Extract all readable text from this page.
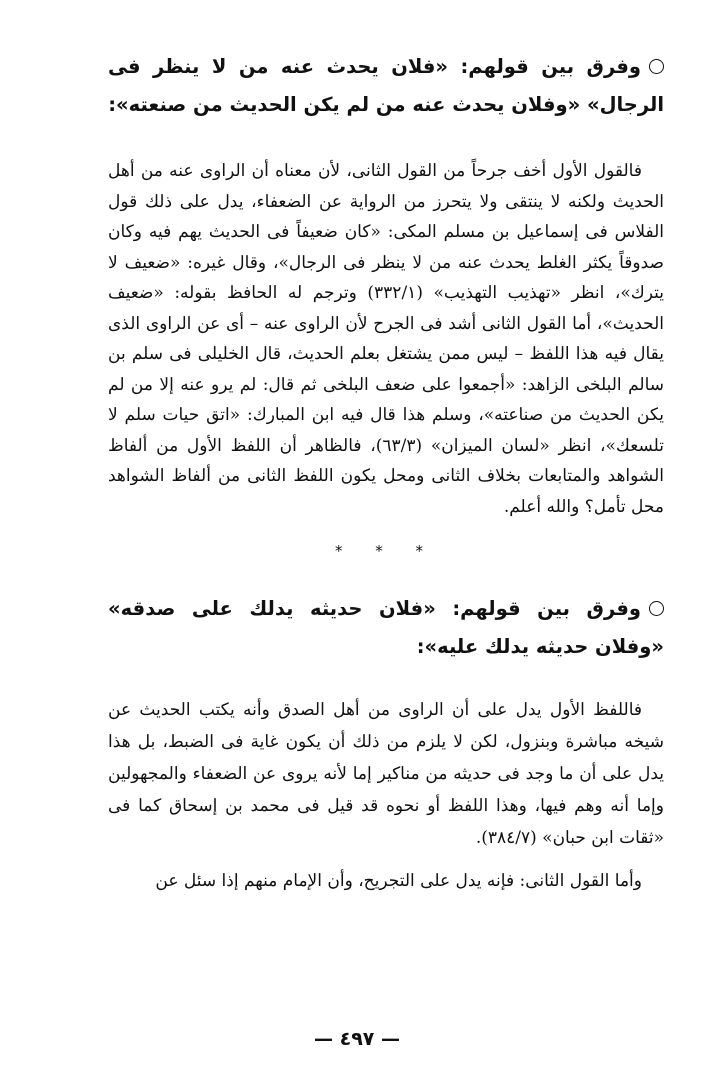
وفرق بين قولهم: «فلان يحدث عنه من لا ينظر فى الرجال» «وفلان يحدث عنه من لم يكن الحديث من صنعته»:

فالقول الأول أخف جرحاً من القول الثانى، لأن معناه أن الراوى عنه من أهل الحديث ولكنه لا ينتقى ولا يتحرز من الرواية عن الضعفاء، يدل على ذلك قول الفلاس فى إسماعيل بن مسلم المكى: «كان ضعيفاً فى الحديث يهم فيه وكان صدوقاً يكثر الغلط يحدث عنه من لا ينظر فى الرجال»، وقال غيره: «ضعيف لا يترك»، انظر «تهذيب التهذيب» (٣٣٢/١) وترجم له الحافظ بقوله: «ضعيف الحديث»، أما القول الثانى أشد فى الجرح لأن الراوى عنه – أى عن الراوى الذى يقال فيه هذا اللفظ – ليس ممن يشتغل بعلم الحديث، قال الخليلى فى سلم بن سالم البلخى الزاهد: «أجمعوا على ضعف البلخى ثم قال: لم يرو عنه إلا من لم يكن الحديث من صناعته»، وسلم هذا قال فيه ابن المبارك: «اتق حيات سلم لا تلسعك»، انظر «لسان الميزان» (٦٣/٣)، فالظاهر أن اللفظ الأول من ألفاظ الشواهد والمتابعات بخلاف الثانى ومحل يكون اللفظ الثانى من ألفاظ الشواهد محل تأمل؟ والله أعلم.

* * *

وفرق بين قولهم: «فلان حديثه يدلك على صدقه» «وفلان حديثه يدلك عليه»:

فاللفظ الأول يدل على أن الراوى من أهل الصدق وأنه يكتب الحديث عن شيخه مباشرة وبنزول، لكن لا يلزم من ذلك أن يكون غاية فى الضبط، بل هذا يدل على أن ما وجد فى حديثه من مناكير إما لأنه يروى عن الضعفاء والمجهولين وإما أنه وهم فيها، وهذا اللفظ أو نحوه قد قيل فى محمد بن إسحاق كما فى «ثقات ابن حبان» (٣٨٤/٧).

وأما القول الثانى: فإنه يدل على التجريح، وأن الإمام منهم إذا سئل عن

— ٤٩٧ —
